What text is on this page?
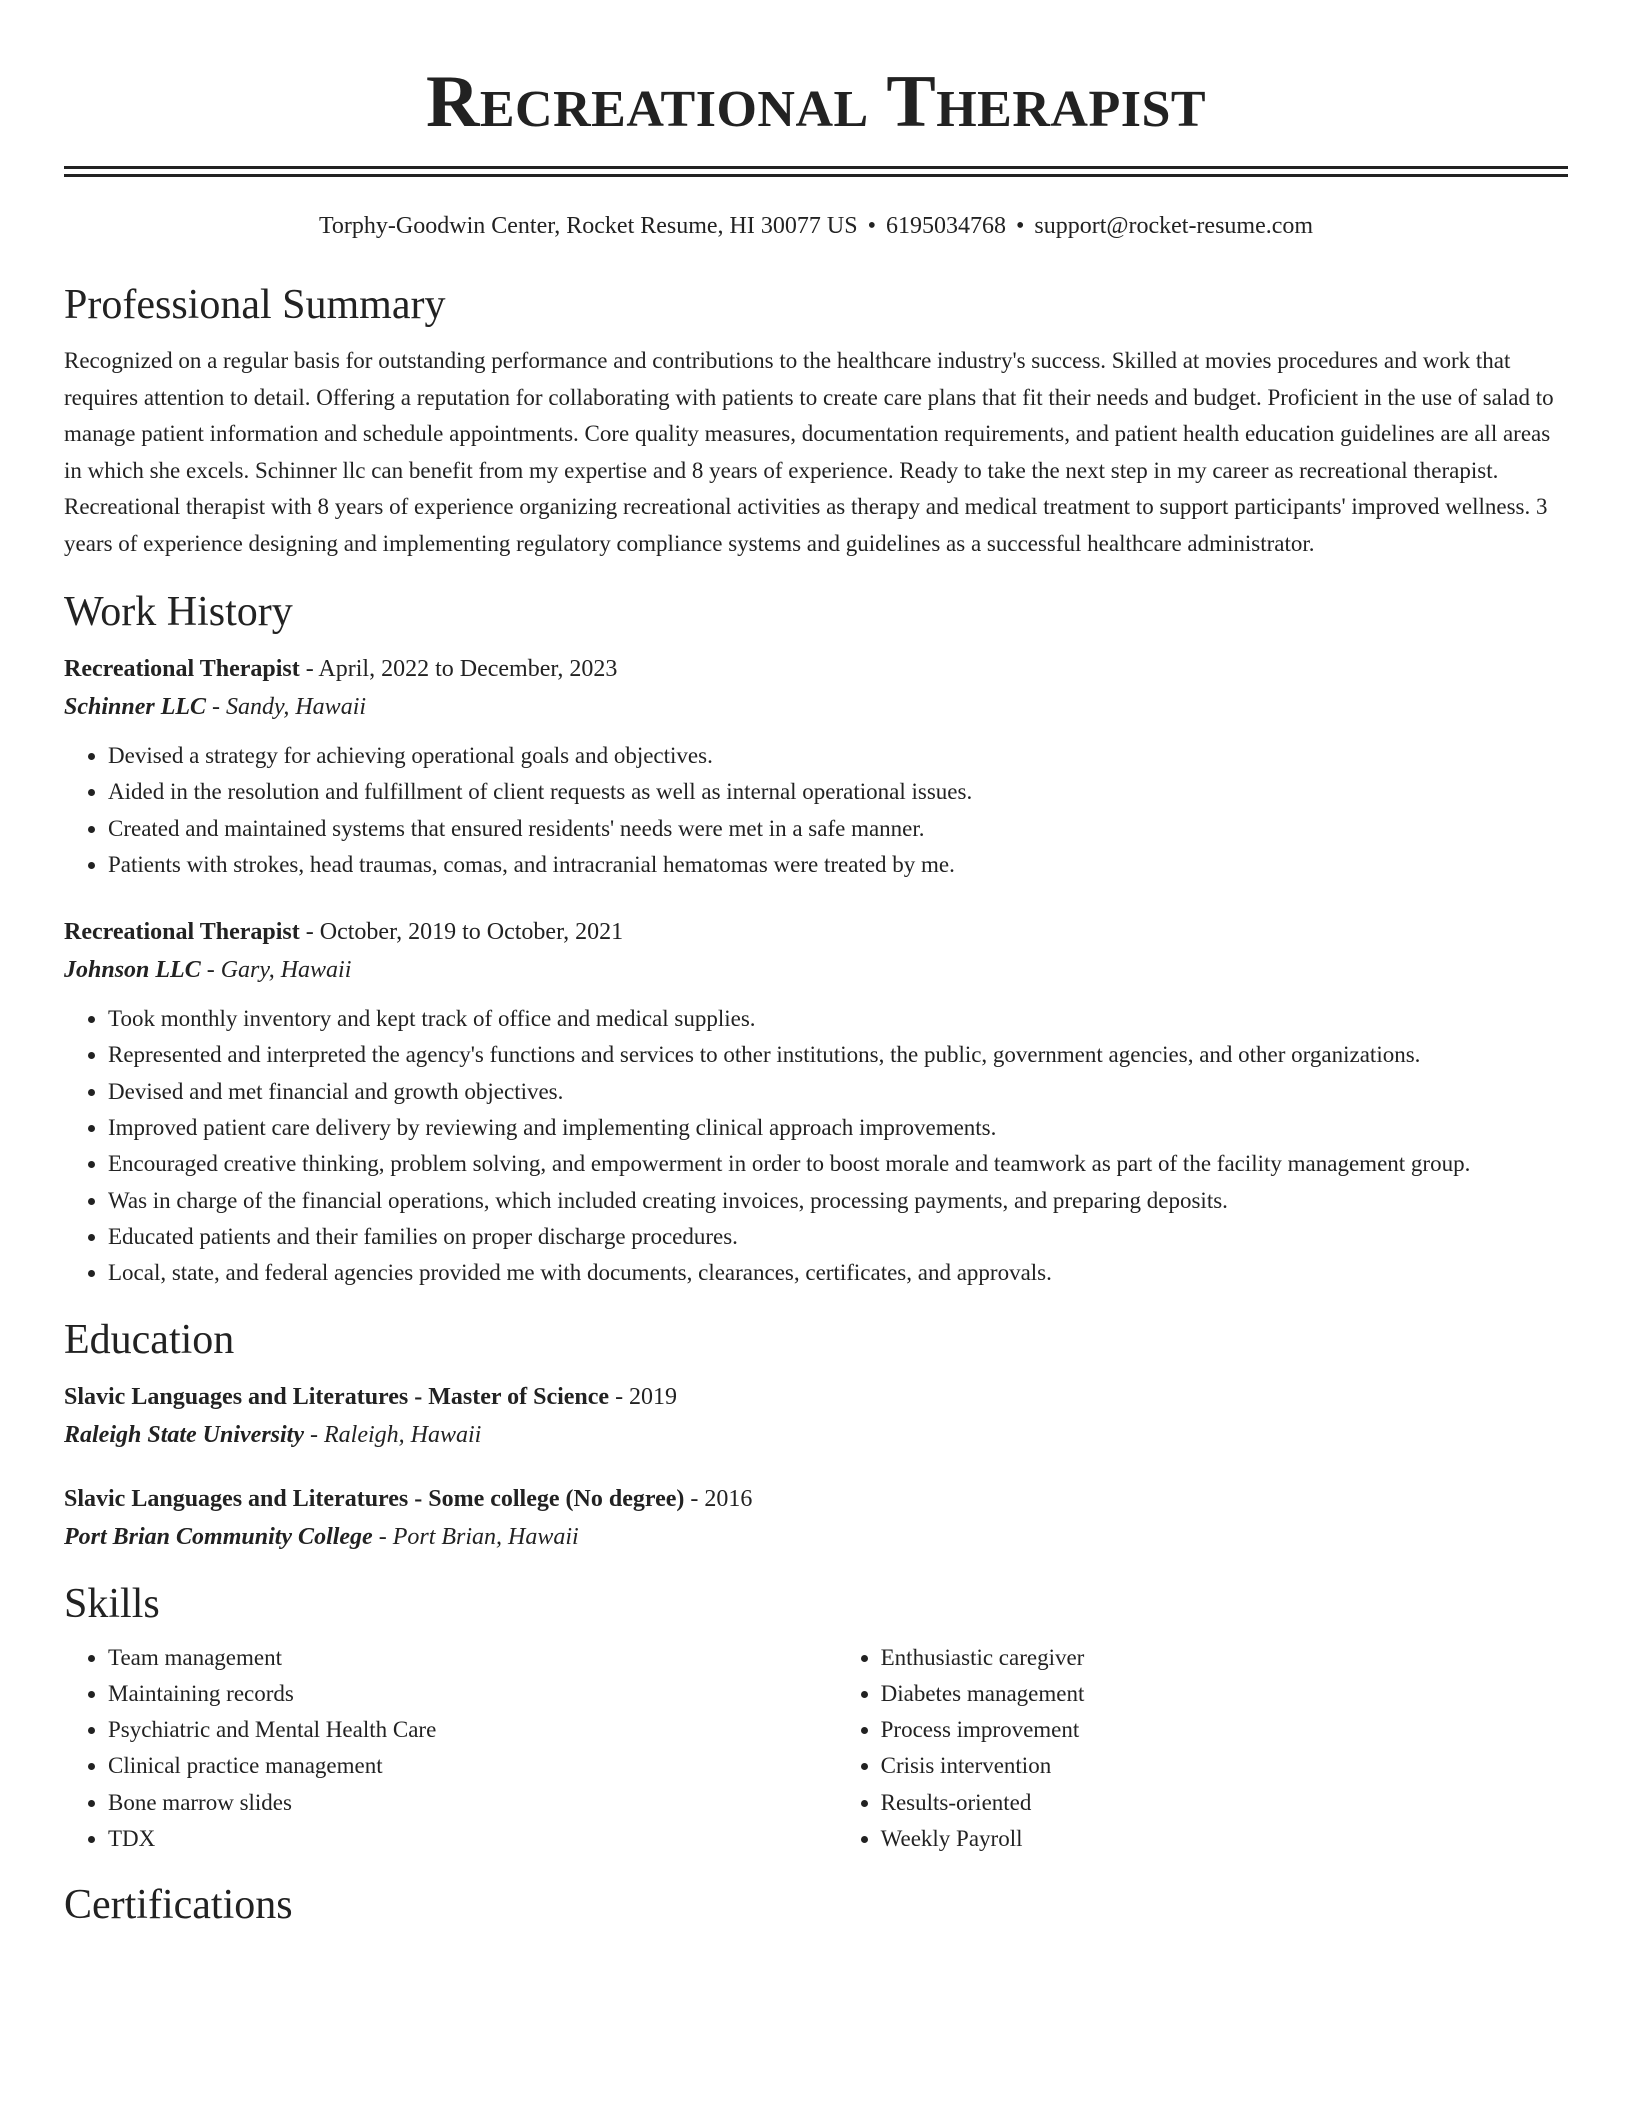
Recreational Therapist
Torphy-Goodwin Center, Rocket Resume, HI 30077 US • 6195034768 • support@rocket-resume.com
Professional Summary

Recognized on a regular basis for outstanding performance and contributions to the healthcare industry's success. Skilled at movies procedures and work that requires attention to detail. Offering a reputation for collaborating with patients to create care plans that fit their needs and budget. Proficient in the use of salad to manage patient information and schedule appointments. Core quality measures, documentation requirements, and patient health education guidelines are all areas in which she excels. Schinner llc can benefit from my expertise and 8 years of experience. Ready to take the next step in my career as recreational therapist. Recreational therapist with 8 years of experience organizing recreational activities as therapy and medical treatment to support participants' improved wellness. 3 years of experience designing and implementing regulatory compliance systems and guidelines as a successful healthcare administrator.

Work History
Recreational Therapist - April, 2022 to December, 2023
Schinner LLC - Sandy, Hawaii
• Devised a strategy for achieving operational goals and objectives.
• Aided in the resolution and fulfillment of client requests as well as internal operational issues.
• Created and maintained systems that ensured residents' needs were met in a safe manner.
• Patients with strokes, head traumas, comas, and intracranial hematomas were treated by me.
Recreational Therapist - October, 2019 to October, 2021
Johnson LLC - Gary, Hawaii
• Took monthly inventory and kept track of office and medical supplies.
• Represented and interpreted the agency's functions and services to other institutions, the public, government agencies, and other organizations.
• Devised and met financial and growth objectives.
• Improved patient care delivery by reviewing and implementing clinical approach improvements.
• Encouraged creative thinking, problem solving, and empowerment in order to boost morale and teamwork as part of the facility management group.
• Was in charge of the financial operations, which included creating invoices, processing payments, and preparing deposits.
• Educated patients and their families on proper discharge procedures.
• Local, state, and federal agencies provided me with documents, clearances, certificates, and approvals.
Education
Slavic Languages and Literatures - Master of Science - 2019
Raleigh State University - Raleigh, Hawaii
Slavic Languages and Literatures - Some college (No degree) - 2016
Port Brian Community College - Port Brian, Hawaii
Skills
• Team management
• Maintaining records
• Psychiatric and Mental Health Care
• Clinical practice management
• Bone marrow slides
• TDX
• Enthusiastic caregiver
• Diabetes management
• Process improvement
• Crisis intervention
• Results-oriented
• Weekly Payroll
Certifications
